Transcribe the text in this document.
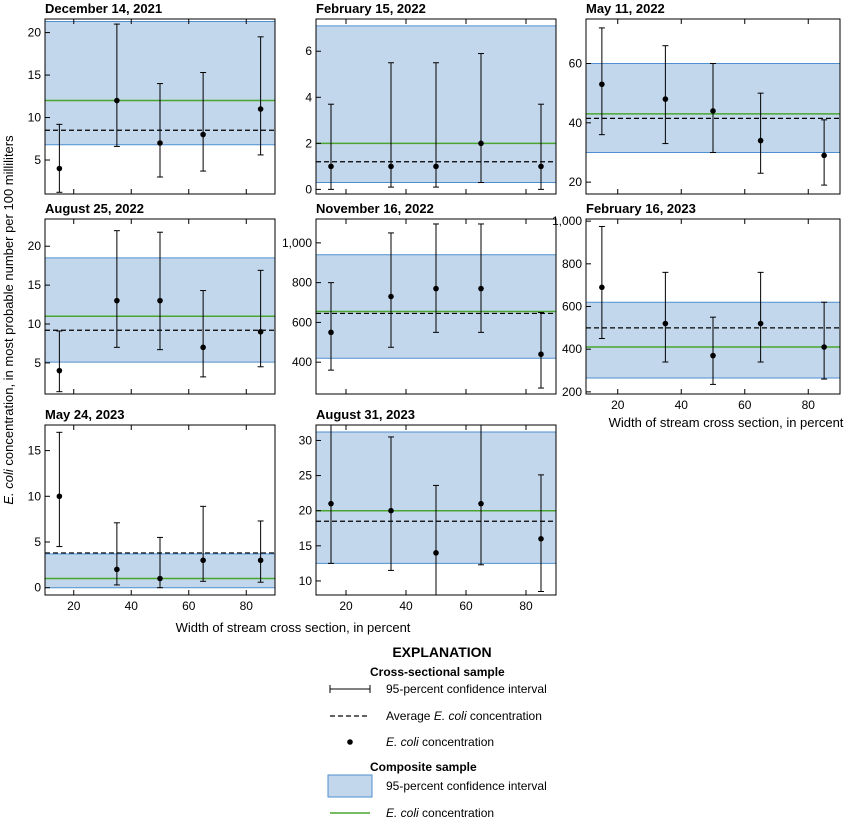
December 14, 2021
5
10
15
20
February 15, 2022
0
2
4
6
May 11, 2022
20
40
60
August 25, 2022
5
10
15
20
November 16, 2022
400
600
800
1,000
February 16, 2023
200
400
600
800
1,000
20	40	60	80
May 24, 2023
0
5
10
15
20	40	60	80
August 31, 2023
10
15
20
25
30
20	40	60	80
E. coli concentration, in most probable number per 100 milliliters
Width of stream cross section, in percent
Width of stream cross section, in percent
EXPLANATION
Cross-sectional sample
95-percent confidence interval
Average E. coli concentration
E. coli concentration
Composite sample
95-percent confidence interval
E. coli concentration
